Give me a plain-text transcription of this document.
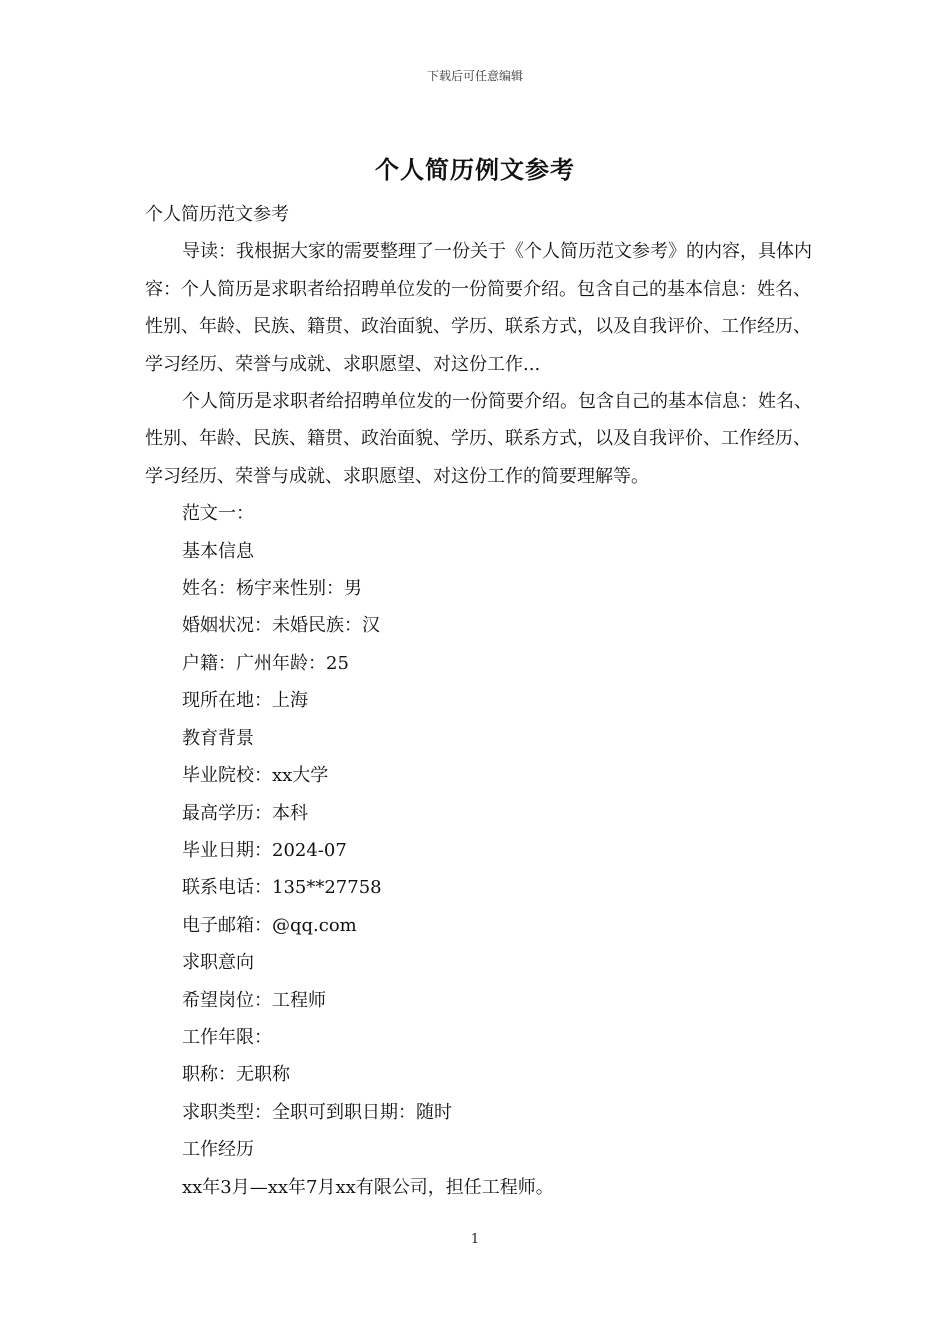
下载后可任意编辑
个人简历例文参考

个人简历范文参考

导读：我根据大家的需要整理了一份关于《个人简历范文参考》的内容，具体内容：个人简历是求职者给招聘单位发的一份简要介绍。包含自己的基本信息：姓名、性别、年龄、民族、籍贯、政治面貌、学历、联系方式，以及自我评价、工作经历、学习经历、荣誉与成就、求职愿望、对这份工作...

个人简历是求职者给招聘单位发的一份简要介绍。包含自己的基本信息：姓名、性别、年龄、民族、籍贯、政治面貌、学历、联系方式，以及自我评价、工作经历、学习经历、荣誉与成就、求职愿望、对这份工作的简要理解等。

范文一：

基本信息

姓名：杨宇来性别：男

婚姻状况：未婚民族：汉

户籍：广州年龄：25

现所在地：上海

教育背景

毕业院校：xx大学

最高学历：本科

毕业日期：2024-07

联系电话：135**27758

电子邮箱：@qq.com

求职意向

希望岗位：工程师

工作年限：

职称：无职称

求职类型：全职可到职日期：随时

工作经历

xx年3月—xx年7月xx有限公司，担任工程师。

1
